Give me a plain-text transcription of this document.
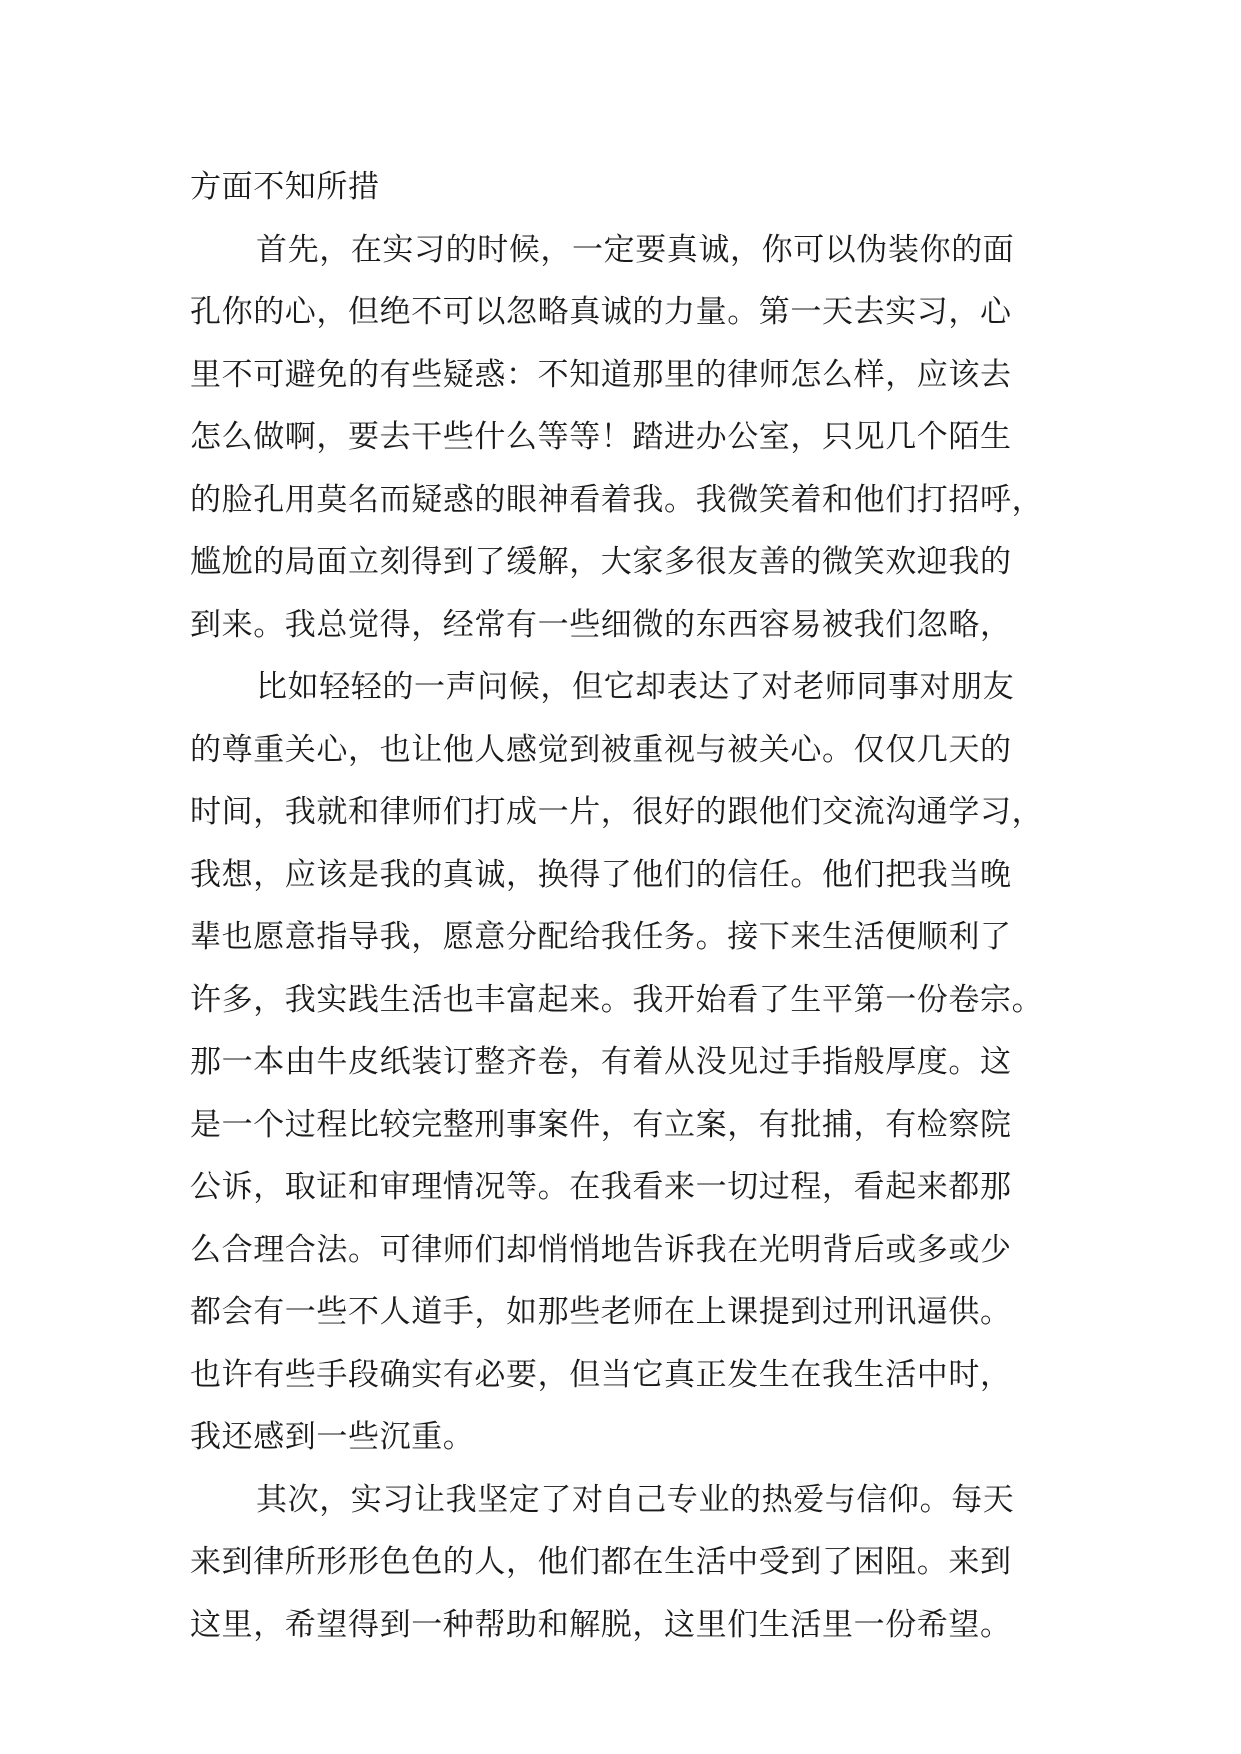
方面不知所措
首先，在实习的时候，一定要真诚，你可以伪装你的面
孔你的心，但绝不可以忽略真诚的力量。第一天去实习，心
里不可避免的有些疑惑：不知道那里的律师怎么样，应该去
怎么做啊，要去干些什么等等！踏进办公室，只见几个陌生
的脸孔用莫名而疑惑的眼神看着我。我微笑着和他们打招呼，
尴尬的局面立刻得到了缓解，大家多很友善的微笑欢迎我的
到来。我总觉得，经常有一些细微的东西容易被我们忽略，
比如轻轻的一声问候，但它却表达了对老师同事对朋友
的尊重关心，也让他人感觉到被重视与被关心。仅仅几天的
时间，我就和律师们打成一片，很好的跟他们交流沟通学习，
我想，应该是我的真诚，换得了他们的信任。他们把我当晚
辈也愿意指导我，愿意分配给我任务。接下来生活便顺利了
许多，我实践生活也丰富起来。我开始看了生平第一份卷宗。
那一本由牛皮纸装订整齐卷，有着从没见过手指般厚度。这
是一个过程比较完整刑事案件，有立案，有批捕，有检察院
公诉，取证和审理情况等。在我看来一切过程，看起来都那
么合理合法。可律师们却悄悄地告诉我在光明背后或多或少
都会有一些不人道手，如那些老师在上课提到过刑讯逼供。
也许有些手段确实有必要，但当它真正发生在我生活中时，
我还感到一些沉重。
其次，实习让我坚定了对自己专业的热爱与信仰。每天
来到律所形形色色的人，他们都在生活中受到了困阻。来到
这里，希望得到一种帮助和解脱，这里们生活里一份希望。
